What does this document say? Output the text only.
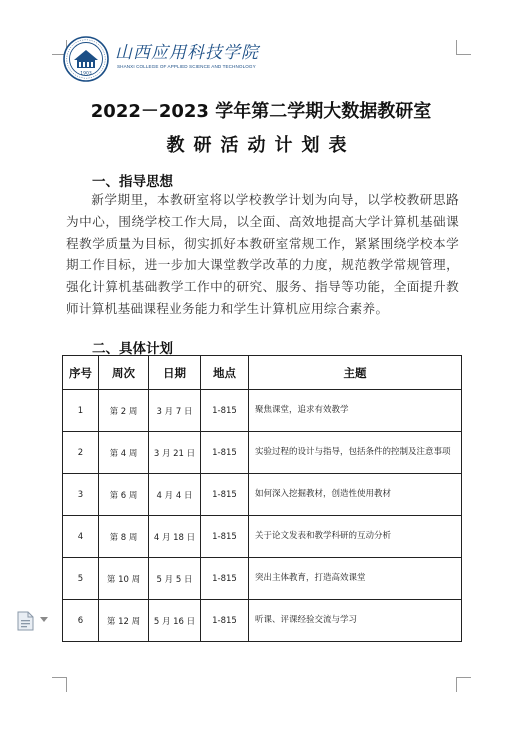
1903
山西应用科技学院
SHANXI COLLEGE OF APPLIED SCIENCE AND TECHNOLOGY
2022－2023 学年第二学期大数据教研室
教研活动计划表
一、指导思想

新学期里，本教研室将以学校教学计划为向导，以学校教研思路为中心，围绕学校工作大局，以全面、高效地提高大学计算机基础课程教学质量为目标，彻实抓好本教研室常规工作，紧紧围绕学校本学期工作目标，进一步加大课堂教学改革的力度，规范教学常规管理，强化计算机基础教学工作中的研究、服务、指导等功能，全面提升教师计算机基础课程业务能力和学生计算机应用综合素养。

二、具体计划
序号	周次	日期	地点	主题
1	第 2 周	3 月 7 日	1-815	聚焦课堂，追求有效教学
2	第 4 周	3 月 21 日	1-815	实验过程的设计与指导，包括条件的控制及注意事项
3	第 6 周	4 月 4 日	1-815	如何深入挖掘教材，创造性使用教材
4	第 8 周	4 月 18 日	1-815	关于论文发表和教学科研的互动分析
5	第 10 周	5 月 5 日	1-815	突出主体教育，打造高效课堂
6	第 12 周	5 月 16 日	1-815	听课、评课经验交流与学习
